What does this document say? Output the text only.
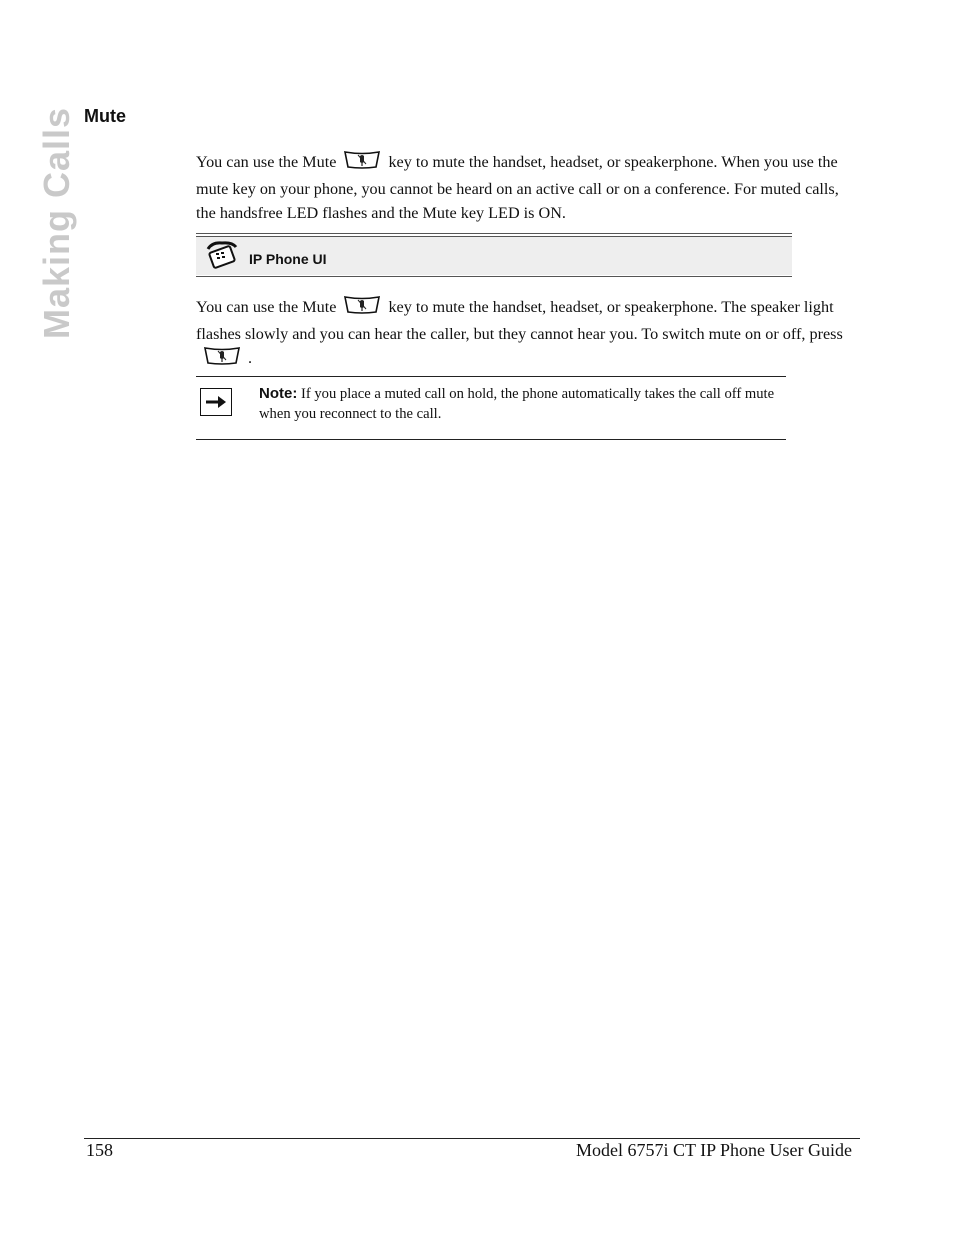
Making Calls Mute
You can use the Mute	key to mute the handset, headset, or speakerphone. When you use the mute key on your phone, you cannot be heard on an active call or on a conference. For muted calls, the handsfree LED flashes and the Mute key LED is ON.
IP Phone UI
You can use the Mute	key to mute the handset, headset, or speakerphone. The speaker light flashes slowly and you can hear the caller, but they cannot hear you. To switch mute on or off, press.
Note: If you place a muted call on hold, the phone automatically takes the call off mute when you reconnect to the call.
158	Model 6757i CT IP Phone User Guide
